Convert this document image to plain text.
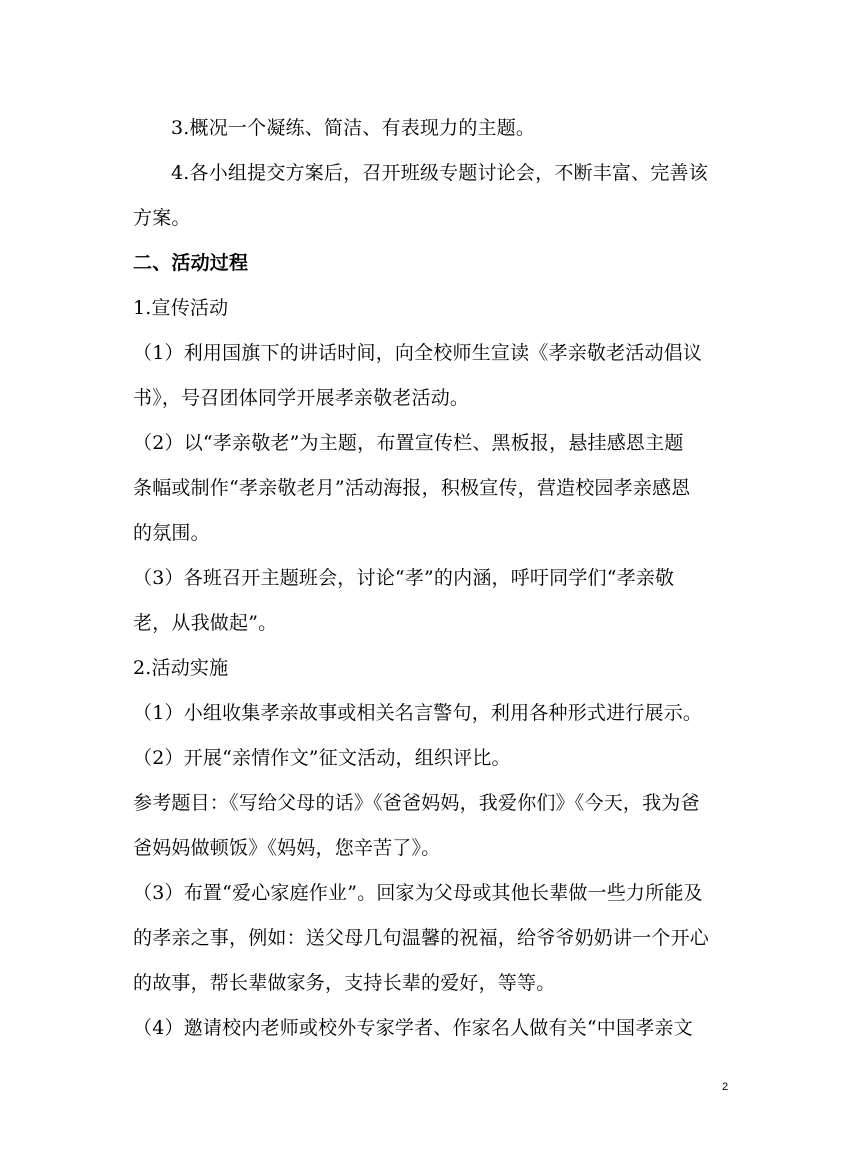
3.概况一个凝练、简洁、有表现力的主题。
4.各小组提交方案后，召开班级专题讨论会，不断丰富、完善该
方案。
二、活动过程
1.宣传活动
（1）利用国旗下的讲话时间，向全校师生宣读《孝亲敬老活动倡议
书》，号召团体同学开展孝亲敬老活动。
（2）以“孝亲敬老”为主题，布置宣传栏、黑板报，悬挂感恩主题
条幅或制作“孝亲敬老月”活动海报，积极宣传，营造校园孝亲感恩
的氛围。
（3）各班召开主题班会，讨论“孝”的内涵，呼吁同学们“孝亲敬
老，从我做起”。
2.活动实施
（1）小组收集孝亲故事或相关名言警句，利用各种形式进行展示。
（2）开展“亲情作文”征文活动，组织评比。
参考题目：《写给父母的话》《爸爸妈妈，我爱你们》《今天，我为爸
爸妈妈做顿饭》《妈妈，您辛苦了》。
（3）布置“爱心家庭作业”。回家为父母或其他长辈做一些力所能及
的孝亲之事，例如：送父母几句温馨的祝福，给爷爷奶奶讲一个开心
的故事，帮长辈做家务，支持长辈的爱好，等等。
（4）邀请校内老师或校外专家学者、作家名人做有关“中国孝亲文
2
